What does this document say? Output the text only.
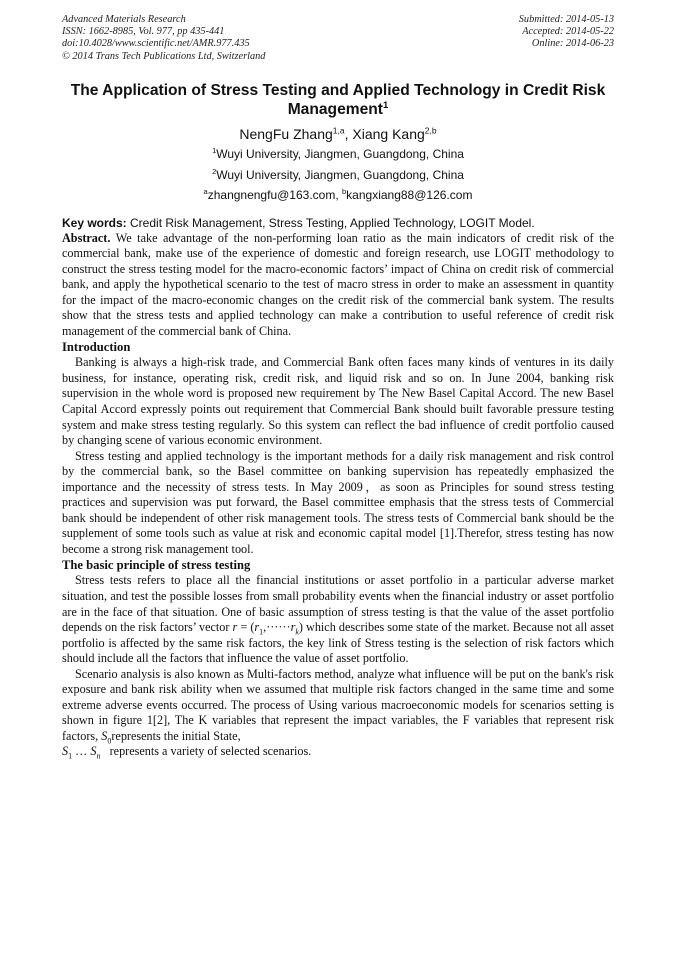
Advanced Materials Research
ISSN: 1662-8985, Vol. 977, pp 435-441
doi:10.4028/www.scientific.net/AMR.977.435
© 2014 Trans Tech Publications Ltd, Switzerland
Submitted: 2014-05-13
Accepted: 2014-05-22
Online: 2014-06-23
The Application of Stress Testing and Applied Technology in Credit Risk
Management$^1$
NengFu Zhang$^{1,a}$, Xiang Kang$^{2,b}$
$^1$Wuyi University, Jiangmen, Guangdong, China
$^2$Wuyi University, Jiangmen, Guangdong, China
$^a$zhangnengfu@163.com, $^b$kangxiang88@126.com
Key words: Credit Risk Management, Stress Testing, Applied Technology, LOGIT Model.

Abstract. We take advantage of the non-performing loan ratio as the main indicators of credit risk of the commercial bank, make use of the experience of domestic and foreign research, use LOGIT methodology to construct the stress testing model for the macro-economic factors’ impact of China on credit risk of commercial bank, and apply the hypothetical scenario to the test of macro stress in order to make an assessment in quantity for the impact of the macro-economic changes on the credit risk of the commercial bank system. The results show that the stress tests and applied technology can make a contribution to useful reference of credit risk management of the commercial bank of China.

Introduction

Banking is always a high-risk trade, and Commercial Bank often faces many kinds of ventures in its daily business, for instance, operating risk, credit risk, and liquid risk and so on. In June 2004, banking risk supervision in the whole word is proposed new requirement by The New Basel Capital Accord. The new Basel Capital Accord expressly points out requirement that Commercial Bank should built favorable pressure testing system and make stress testing regularly. So this system can reflect the bad influence of credit portfolio caused by changing scene of various economic environment.

Stress testing and applied technology is the important methods for a daily risk management and risk control by the commercial bank, so the Basel committee on banking supervision has repeatedly emphasized the importance and the necessity of stress tests. In May 2009，as soon as Principles for sound stress testing practices and supervision was put forward, the Basel committee emphasis that the stress tests of Commercial bank should be independent of other risk management tools. The stress tests of Commercial bank should be the supplement of some tools such as value at risk and economic capital model [1].Therefor, stress testing has now become a strong risk management tool.

The basic principle of stress testing

Stress tests refers to place all the financial institutions or asset portfolio in a particular adverse market situation, and test the possible losses from small probability events when the financial industry or asset portfolio are in the face of that situation. One of basic assumption of stress testing is that the value of the asset portfolio depends on the risk factors’ vector $r = (r_1,\cdot\cdot\cdot\cdot\cdot\cdot r_k)$ which describes some state of the market. Because not all asset portfolio is affected by the same risk factors, the key link of Stress testing is the selection of risk factors which should include all the factors that influence the value of asset portfolio.

Scenario analysis is also known as Multi-factors method, analyze what influence will be put on the bank's risk exposure and bank risk ability when we assumed that multiple risk factors changed in the same time and some extreme adverse events occurred. The process of Using various macroeconomic models for scenarios setting is shown in figure 1[2], The K variables that represent the impact variables, the F variables that represent risk factors, $S_0represents$ the initial State,
$S_1$ … $S_n$   represents a variety of selected scenarios.
